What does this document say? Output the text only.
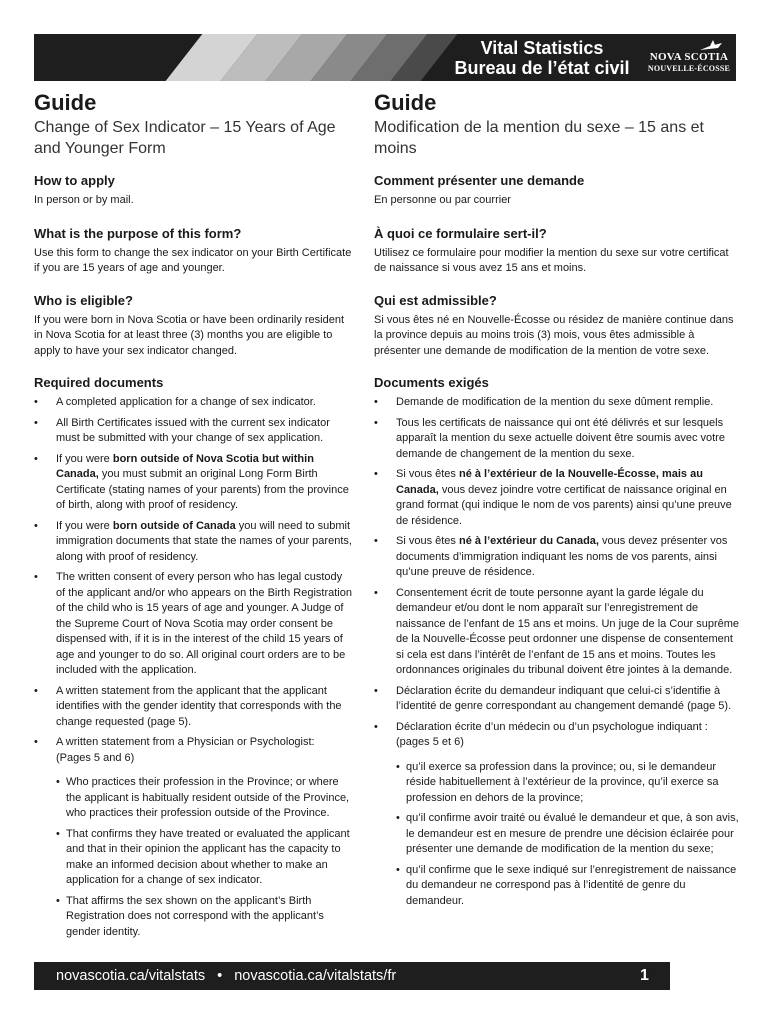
Vital Statistics
Bureau de l’état civil
NOVA SCOTIA
NOUVELLE-ÉCOSSE
Guide
Change of Sex Indicator – 15 Years of Age and Younger Form
How to apply

In person or by mail.

What is the purpose of this form?

Use this form to change the sex indicator on your Birth Certificate if you are 15 years of age and younger.

Who is eligible?

If you were born in Nova Scotia or have been ordinarily resident in Nova Scotia for at least three (3) months you are eligible to apply to have your sex indicator changed.

Required documents
• A completed application for a change of sex indicator.
• All Birth Certificates issued with the current sex indicator must be submitted with your change of sex application.
• If you were born outside of Nova Scotia but within Canada, you must submit an original Long Form Birth Certificate (stating names of your parents) from the province of birth, along with proof of residency.
• If you were born outside of Canada you will need to submit immigration documents that state the names of your parents, along with proof of residency.
• The written consent of every person who has legal custody of the applicant and/or who appears on the Birth Registration of the child who is 15 years of age and younger. A Judge of the Supreme Court of Nova Scotia may order consent be dispensed with, if it is in the interest of the child 15 years of age and younger to do so. All original court orders are to be included with the application.
• A written statement from the applicant that the applicant identifies with the gender identity that corresponds with the change requested (page 5).
• A written statement from a Physician or Psychologist: (Pages 5 and 6)
• Who practices their profession in the Province; or where the applicant is habitually resident outside of the Province, who practices their profession outside of the Province.
• That confirms they have treated or evaluated the applicant and that in their opinion the applicant has the capacity to make an informed decision about whether to make an application for a change of sex indicator.
• That affirms the sex shown on the applicant’s Birth Registration does not correspond with the applicant’s gender identity.
Guide
Modification de la mention du sexe – 15 ans et moins
Comment présenter une demande

En personne ou par courrier

À quoi ce formulaire sert-il?

Utilisez ce formulaire pour modifier la mention du sexe sur votre certificat de naissance si vous avez 15 ans et moins.

Qui est admissible?

Si vous êtes né en Nouvelle-Écosse ou résidez de manière continue dans la province depuis au moins trois (3) mois, vous êtes admissible à présenter une demande de modification de la mention de votre sexe.

Documents exigés
• Demande de modification de la mention du sexe dûment remplie.
• Tous les certificats de naissance qui ont été délivrés et sur lesquels apparaît la mention du sexe actuelle doivent être soumis avec votre demande de changement de la mention du sexe.
• Si vous êtes né à l’extérieur de la Nouvelle-Écosse, mais au Canada, vous devez joindre votre certificat de naissance original en grand format (qui indique le nom de vos parents) ainsi qu’une preuve de résidence.
• Si vous êtes né à l’extérieur du Canada, vous devez présenter vos documents d’immigration indiquant les noms de vos parents, ainsi qu’une preuve de résidence.
• Consentement écrit de toute personne ayant la garde légale du demandeur et/ou dont le nom apparaît sur l’enregistrement de naissance de l’enfant de 15 ans et moins. Un juge de la Cour suprême de la Nouvelle-Écosse peut ordonner une dispense de consentement si cela est dans l’intérêt de l’enfant de 15 ans et moins. Toutes les ordonnances originales du tribunal doivent être jointes à la demande.
• Déclaration écrite du demandeur indiquant que celui-ci s’identifie à l’identité de genre correspondant au changement demandé (page 5).
• Déclaration écrite d’un médecin ou d’un psychologue indiquant : (pages 5 et 6)
• qu’il exerce sa profession dans la province; ou, si le demandeur réside habituellement à l’extérieur de la province, qu’il exerce sa profession en dehors de la province;
• qu’il confirme avoir traité ou évalué le demandeur et que, à son avis, le demandeur est en mesure de prendre une décision éclairée pour présenter une demande de modification de la mention du sexe;
• qu’il confirme que le sexe indiqué sur l’enregistrement de naissance du demandeur ne correspond pas à l’identité de genre du demandeur.
novascotia.ca/vitalstats • novascotia.ca/vitalstats/fr	1
